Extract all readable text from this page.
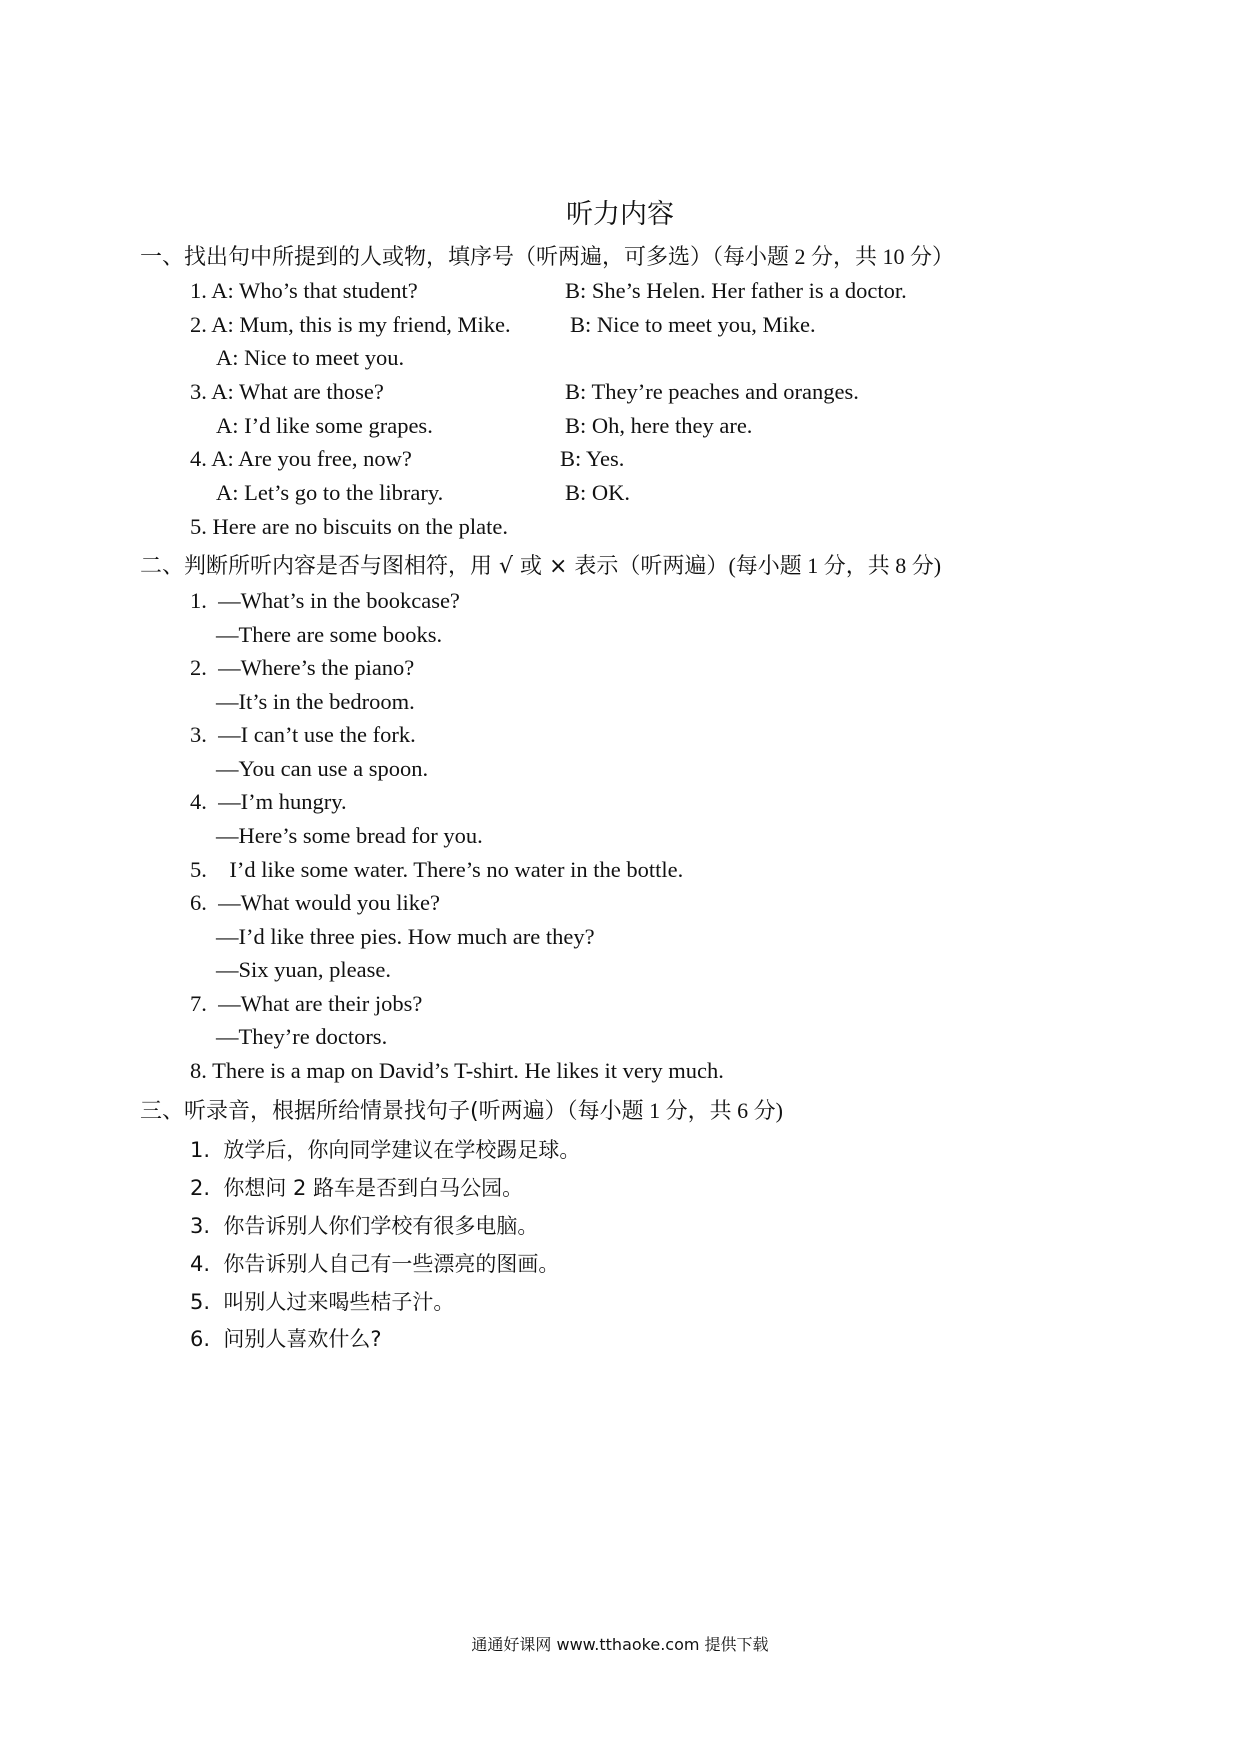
听力内容
一、找出句中所提到的人或物，填序号（听两遍，可多选）（每小题 2 分，共 10 分）
1. A: Who’s that student?	B: She’s Helen. Her father is a doctor.
2. A: Mum, this is my friend, Mike.	B: Nice to meet you, Mike.
A: Nice to meet you.
3. A: What are those?	B: They’re peaches and oranges.
A: I’d like some grapes.	B: Oh, here they are.
4. A: Are you free, now?	B: Yes.
A: Let’s go to the library.	B: OK.
5. Here are no biscuits on the plate.
二、判断所听内容是否与图相符，用 √ 或 × 表示（听两遍）(每小题 1 分，共 8 分)
1.  —What’s in the bookcase?
—There are some books.
2.  —Where’s the piano?
—It’s in the bedroom.
3.  —I can’t use the fork.
—You can use a spoon.
4.  —I’m hungry.
—Here’s some bread for you.
5.    I’d like some water. There’s no water in the bottle.
6.  —What would you like?
—I’d like three pies. How much are they?
—Six yuan, please.
7.  —What are their jobs?
—They’re doctors.
8. There is a map on David’s T-shirt. He likes it very much.
三、听录音，根据所给情景找句子(听两遍）（每小题 1 分，共 6 分)
1.  放学后，你向同学建议在学校踢足球。
2.  你想问 2 路车是否到白马公园。
3.  你告诉别人你们学校有很多电脑。
4.  你告诉别人自己有一些漂亮的图画。
5.  叫别人过来喝些桔子汁。
6.  问别人喜欢什么?
通通好课网 www.tthaoke.com 提供下载
